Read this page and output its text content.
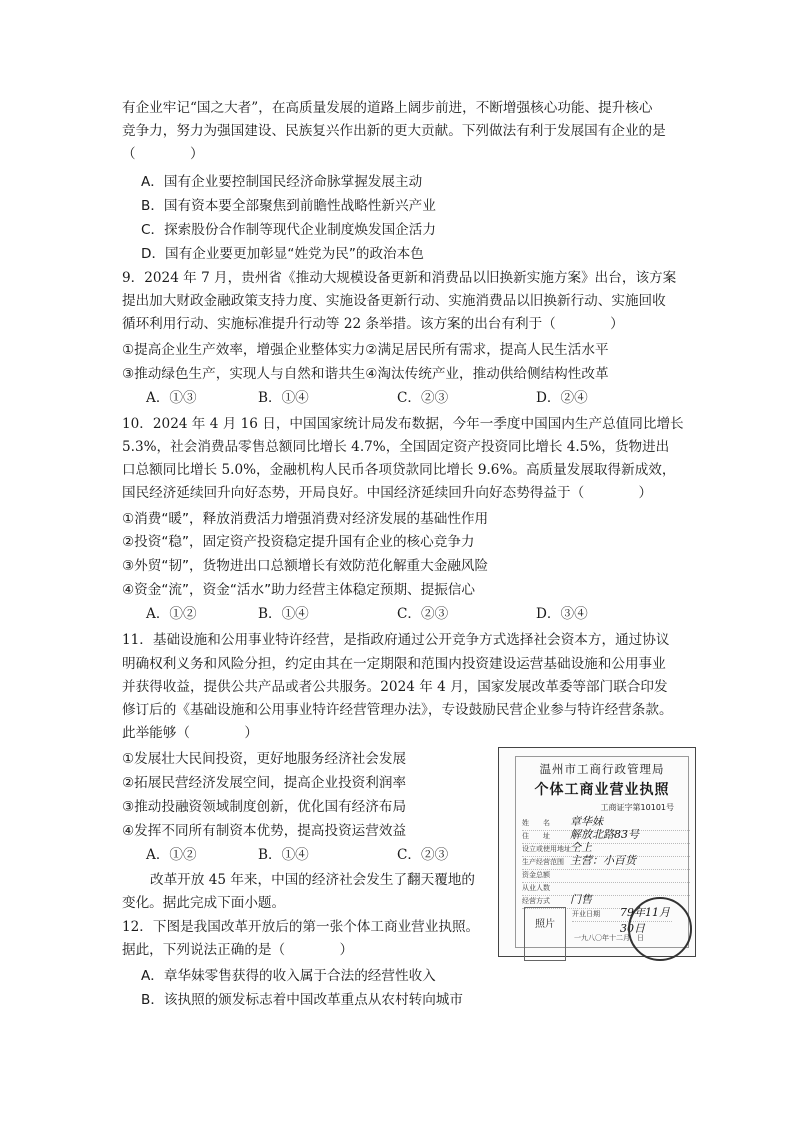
有企业牢记“国之大者”，在高质量发展的道路上阔步前进，不断增强核心功能、提升核心
竞争力，努力为强国建设、民族复兴作出新的更大贡献。下列做法有利于发展国有企业的是
（　　　　）
A．国有企业要控制国民经济命脉掌握发展主动
B．国有资本要全部聚焦到前瞻性战略性新兴产业
C．探索股份合作制等现代企业制度焕发国企活力
D．国有企业要更加彰显“姓党为民”的政治本色
9．2024 年 7 月，贵州省《推动大规模设备更新和消费品以旧换新实施方案》出台，该方案
提出加大财政金融政策支持力度、实施设备更新行动、实施消费品以旧换新行动、实施回收
循环利用行动、实施标准提升行动等 22 条举措。该方案的出台有利于（　　　　）
①提高企业生产效率，增强企业整体实力②满足居民所有需求，提高人民生活水平
③推动绿色生产，实现人与自然和谐共生④淘汰传统产业，推动供给侧结构性改革
A．①③	B．①④	C．②③	D．②④
10．2024 年 4 月 16 日，中国国家统计局发布数据，今年一季度中国国内生产总值同比增长
5.3%，社会消费品零售总额同比增长 4.7%，全国固定资产投资同比增长 4.5%，货物进出
口总额同比增长 5.0%，金融机构人民币各项贷款同比增长 9.6%。高质量发展取得新成效，
国民经济延续回升向好态势，开局良好。中国经济延续回升向好态势得益于（　　　　）
①消费“暖”，释放消费活力增强消费对经济发展的基础性作用
②投资“稳”，固定资产投资稳定提升国有企业的核心竞争力
③外贸“韧”，货物进出口总额增长有效防范化解重大金融风险
④资金“流”，资金“活水”助力经营主体稳定预期、提振信心
A．①②	B．①④	C．②③	D．③④
11．基础设施和公用事业特许经营，是指政府通过公开竞争方式选择社会资本方，通过协议
明确权利义务和风险分担，约定由其在一定期限和范围内投资建设运营基础设施和公用事业
并获得收益，提供公共产品或者公共服务。2024 年 4 月，国家发展改革委等部门联合印发
修订后的《基础设施和公用事业特许经营管理办法》，专设鼓励民营企业参与特许经营条款。
此举能够（　　　　）
①发展壮大民间投资，更好地服务经济社会发展
②拓展民营经济发展空间，提高企业投资利润率
③推动投融资领域制度创新，优化国有经济布局
④发挥不同所有制资本优势，提高投资运营效益
A．①②	B．①④	C．②③
改革开放 45 年来，中国的经济社会发生了翻天覆地的
变化。据此完成下面小题。
12．下图是我国改革开放后的第一张个体工商业营业执照。
据此，下列说法正确的是（　　　　）
A．章华妹零售获得的收入属于合法的经营性收入
B．该执照的颁发标志着中国改革重点从农村转向城市
温州市工商行政管理局
个体工商业营业执照
工商证字第10101号
姓　　名 章华妹
住　　址 解放北路83号
设立或使用地址 仝上
生产经营范围 主营：小百货
资金总额
从业人数
经营方式 门售
开业日期 79年11月30日
照片
一九八〇年十二月　日
